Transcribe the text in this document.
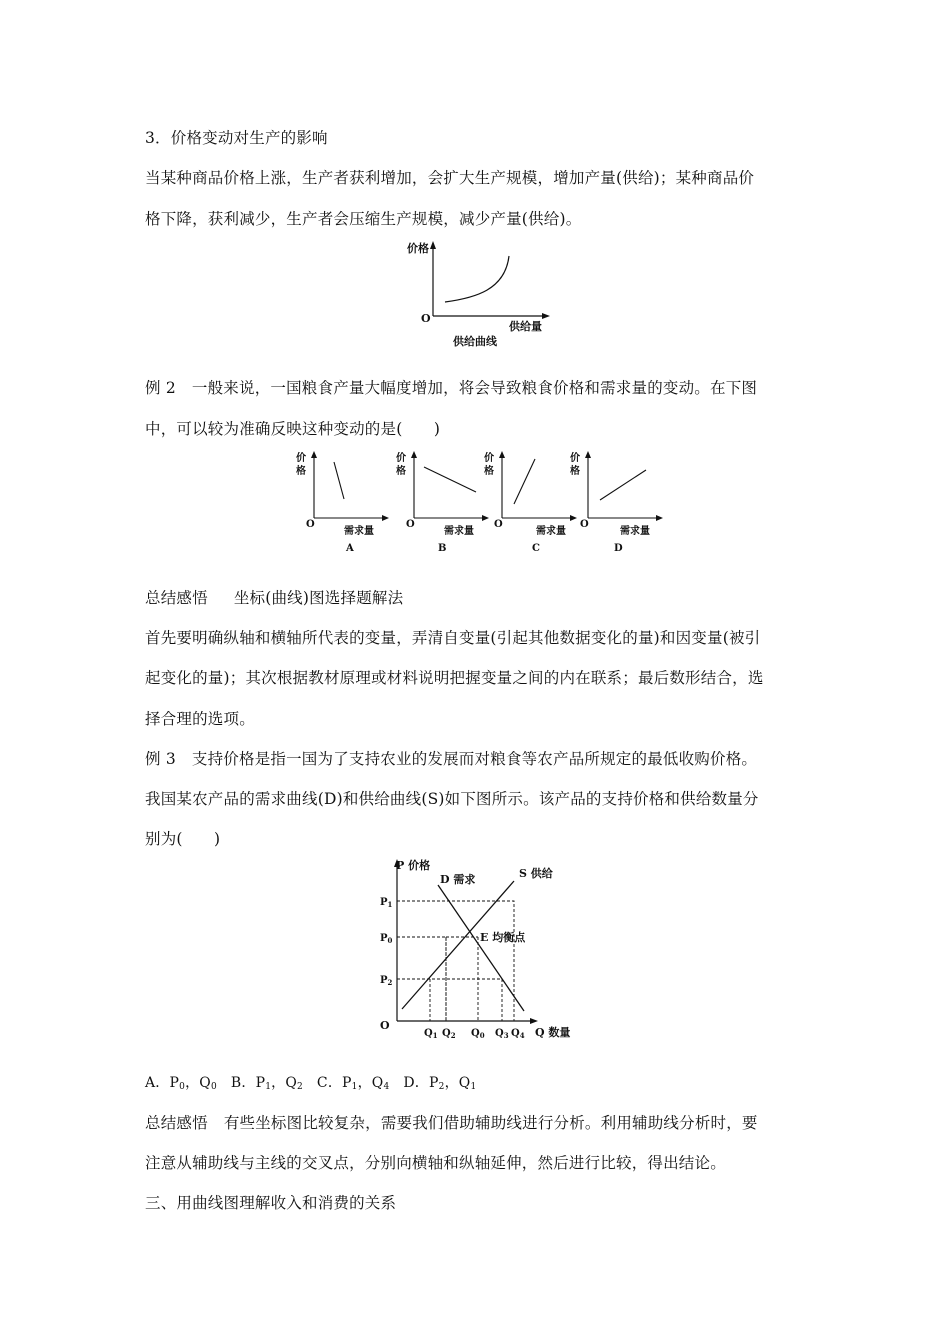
3．价格变动对生产的影响
当某种商品价格上涨，生产者获利增加，会扩大生产规模，增加产量(供给)；某种商品价
格下降，获利减少，生产者会压缩生产规模，减少产量(供给)。
价格
O
供给量
供给曲线
例 2 一般来说，一国粮食产量大幅度增加，将会导致粮食价格和需求量的变动。在下图
中，可以较为准确反映这种变动的是(　　)
价
格
O
需求量
A
价
格
O
需求量
B
价
格
O
需求量
C
价
格
O
需求量
D
总结感悟 坐标(曲线)图选择题解法
首先要明确纵轴和横轴所代表的变量，弄清自变量(引起其他数据变化的量)和因变量(被引
起变化的量)；其次根据教材原理或材料说明把握变量之间的内在联系；最后数形结合，选
择合理的选项。
例 3 支持价格是指一国为了支持农业的发展而对粮食等农产品所规定的最低收购价格。
我国某农产品的需求曲线(D)和供给曲线(S)如下图所示。该产品的支持价格和供给数量分
别为(　　)
P 价格
D 需求	S 供给
E 均衡点
O
Q 数量
$P_1$
$P_0$
$P_2$
$Q_1$ $Q_2$ $Q_0$ $Q_3$ $Q_4$
A．$P_0$，$Q_0$ B．$P_1$，$Q_2$ C．$P_1$，$Q_4$ D．$P_2$，$Q_1$
总结感悟 有些坐标图比较复杂，需要我们借助辅助线进行分析。利用辅助线分析时，要
注意从辅助线与主线的交叉点，分别向横轴和纵轴延伸，然后进行比较，得出结论。
三、用曲线图理解收入和消费的关系
